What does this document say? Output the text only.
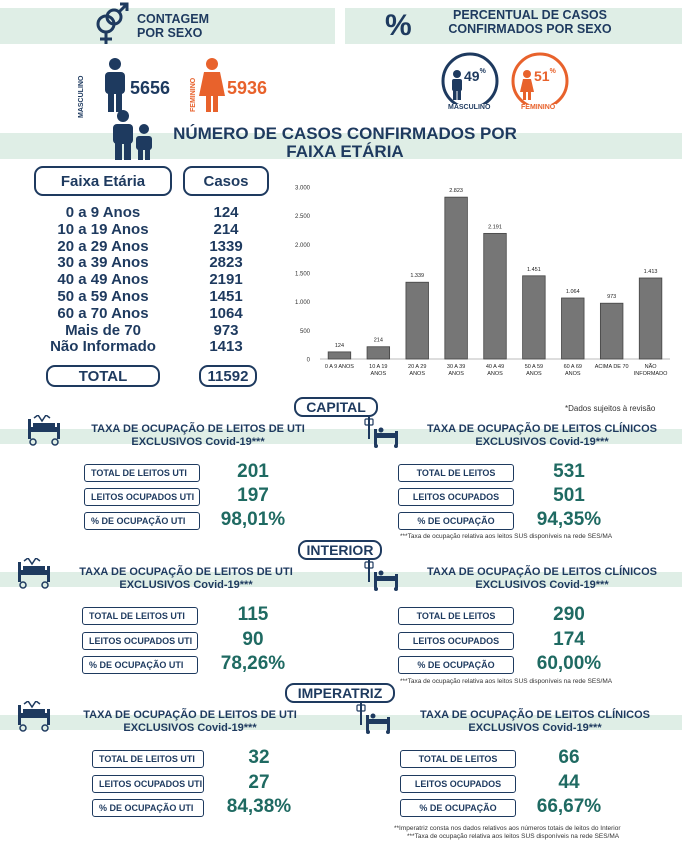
CONTAGEM
POR SEXO	%	PERCENTUAL DE CASOS
CONFIRMADOS POR SEXO
MASCULINO	5656	FEMININO 5936
49%
MASCULINO
51%
FEMININO
NÚMERO DE CASOS CONFIRMADOS POR
FAIXA ETÁRIA
Faixa Etária	Casos
0 a 9 Anos	124
10 a 19 Anos	214
20 a 29 Anos	1339
30 a 39 Anos	2823
40 a 49 Anos	2191
50 a 59 Anos	1451
60 a 70 Anos	1064
Mais de 70	973
Não Informado	1413
TOTAL	11592
0
500
1.000
1.500
2.000
2.500
3.000
124
0 A 9 ANOS
214
10 A 19
ANOS
1.339
20 A 29
ANOS
2.823
30 A 39
ANOS
2.191
40 A 49
ANOS
1.451
50 A 59
ANOS
1.064
60 A 69
ANOS
973
ACIMA DE 70
1.413
NÃO
INFORMADO
*Dados sujeitos à revisão
CAPITAL
TAXA DE OCUPAÇÃO DE LEITOS DE UTI
EXCLUSIVOS Covid-19***
TAXA DE OCUPAÇÃO DE LEITOS CLÍNICOS
EXCLUSIVOS Covid-19***
TOTAL DE LEITOS UTI	201
LEITOS OCUPADOS UTI	197
% DE OCUPAÇÃO UTI	98,01%
TOTAL DE LEITOS	531
LEITOS OCUPADOS	501
% DE OCUPAÇÃO	94,35%
***Taxa de ocupação relativa aos leitos SUS disponíveis na rede SES/MA
INTERIOR
TAXA DE OCUPAÇÃO DE LEITOS DE UTI
EXCLUSIVOS Covid-19***
TAXA DE OCUPAÇÃO DE LEITOS CLÍNICOS
EXCLUSIVOS Covid-19***
TOTAL DE LEITOS UTI	115
LEITOS OCUPADOS UTI	90
% DE OCUPAÇÃO UTI	78,26%
TOTAL DE LEITOS	290
LEITOS OCUPADOS	174
% DE OCUPAÇÃO	60,00%
***Taxa de ocupação relativa aos leitos SUS disponíveis na rede SES/MA
IMPERATRIZ
TAXA DE OCUPAÇÃO DE LEITOS DE UTI
EXCLUSIVOS Covid-19***
TAXA DE OCUPAÇÃO DE LEITOS CLÍNICOS
EXCLUSIVOS Covid-19***
TOTAL DE LEITOS UTI	32
LEITOS OCUPADOS UTI	27
% DE OCUPAÇÃO UTI	84,38%
TOTAL DE LEITOS	66
LEITOS OCUPADOS	44
% DE OCUPAÇÃO	66,67%
**Imperatriz consta nos dados relativos aos números totais de leitos do Interior
***Taxa de ocupação relativa aos leitos SUS disponíveis na rede SES/MA
